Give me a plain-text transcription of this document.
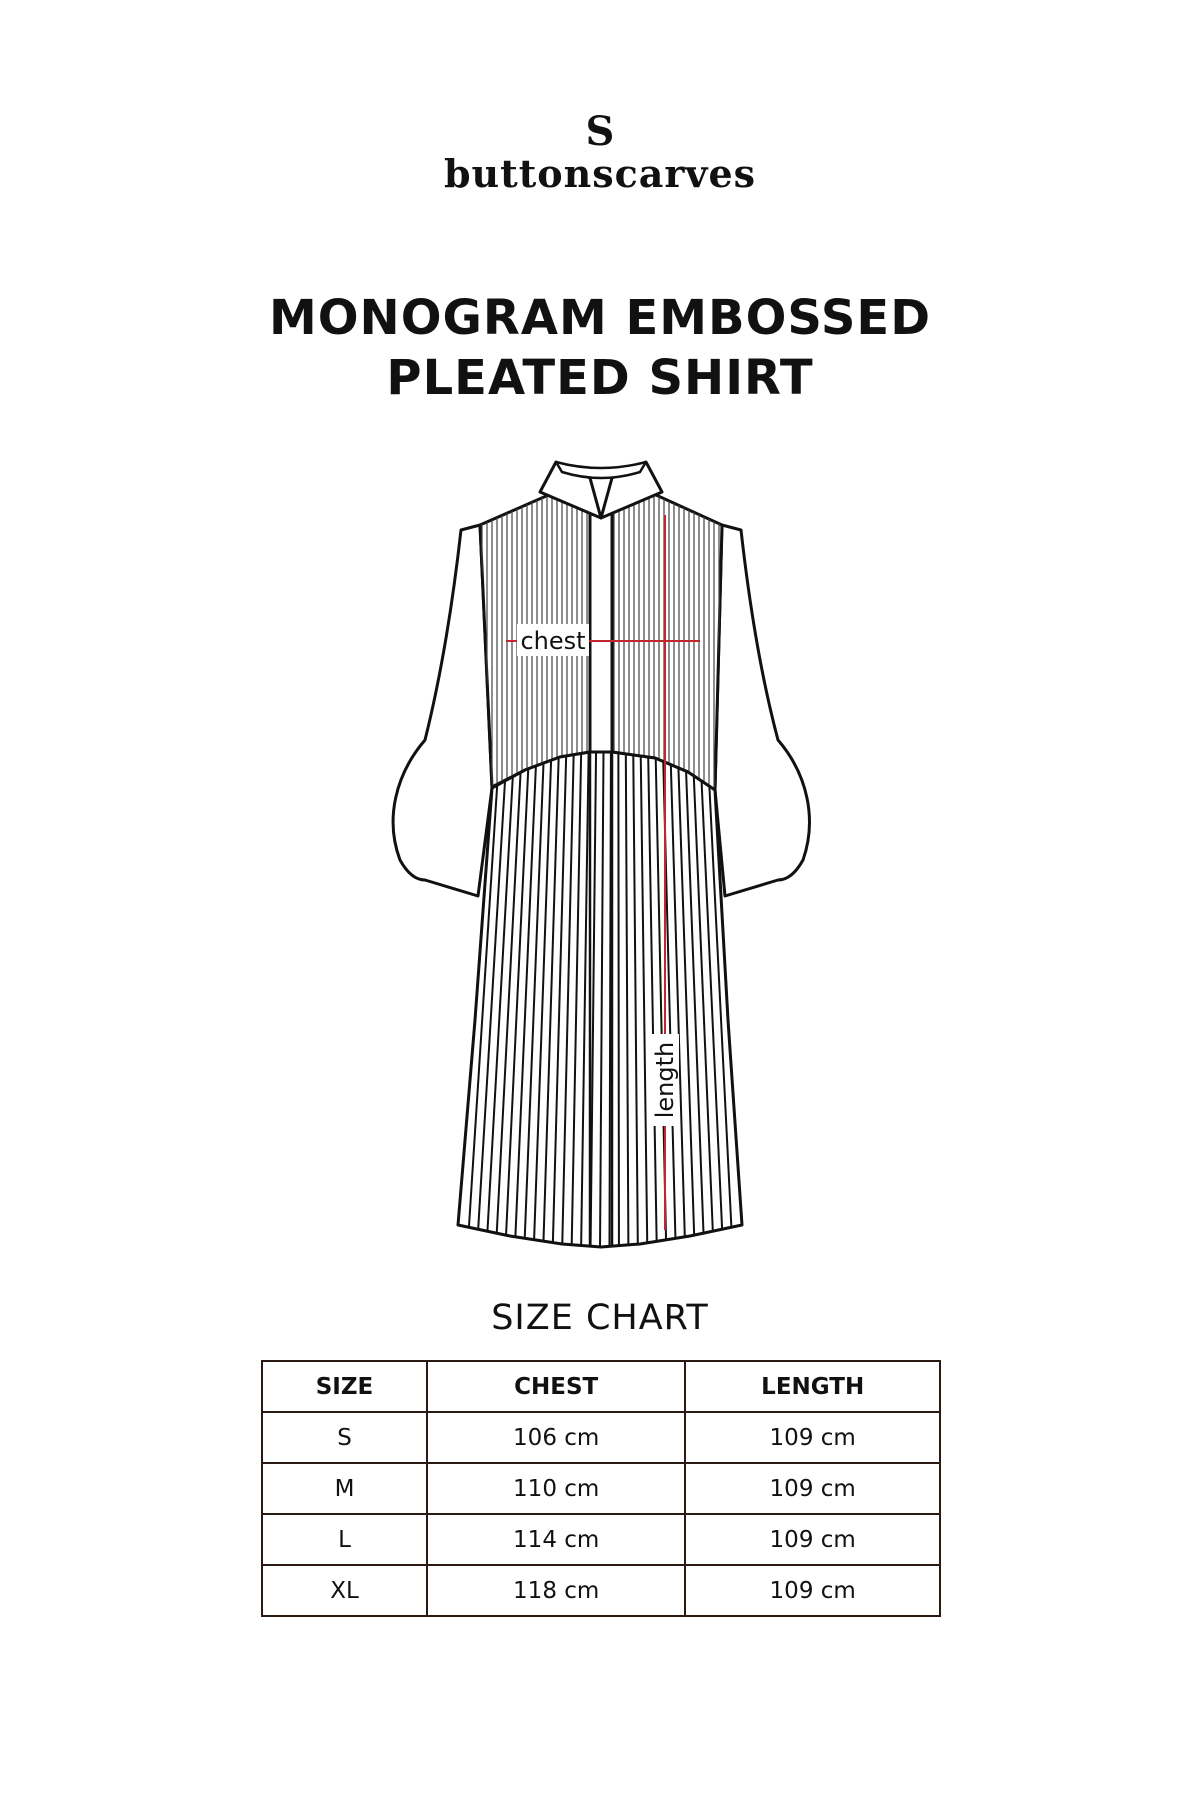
S
buttonscarves
MONOGRAM EMBOSSED
PLEATED SHIRT
chest
length
SIZE CHART
SIZE	CHEST	LENGTH
S	106 cm	109 cm
M	110 cm	109 cm
L	114 cm	109 cm
XL	118 cm	109 cm
